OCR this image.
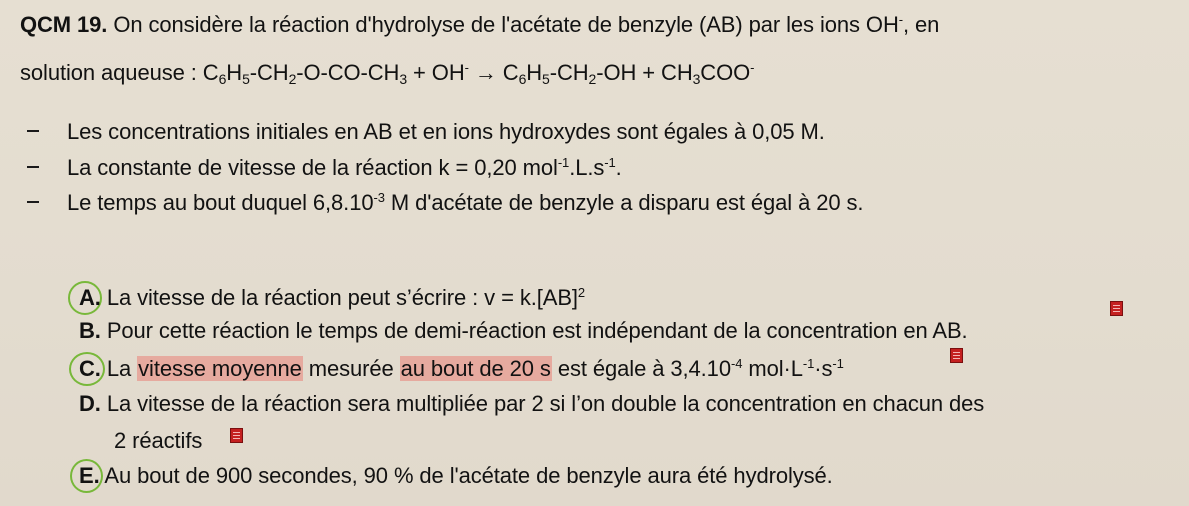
QCM 19. On considère la réaction d'hydrolyse de l'acétate de benzyle (AB) par les ions OH-, en
solution aqueuse : $C_6H_5-CH_2-O-CO-CH_3 + OH^- \to C_6H_5-CH_2-OH + CH_3COO^-$
Les concentrations initiales en AB et en ions hydroxydes sont égales à 0,05 M.
La constante de vitesse de la réaction k = 0,20 $mol^{-1}.L.s^{-1}$.
Le temps au bout duquel $6,8.10^{-3}$ M d'acétate de benzyle a disparu est égal à 20 s.
A. La vitesse de la réaction peut s’écrire : v = k.[AB]$^2$
B. Pour cette réaction le temps de demi-réaction est indépendant de la concentration en AB.
C. La vitesse moyenne mesurée au bout de 20 s est égale à $3,4.10^{-4}$ $mol\cdot L^{-1}\cdot s^{-1}$
D. La vitesse de la réaction sera multipliée par 2 si l’on double la concentration en chacun des
2 réactifs
E. Au bout de 900 secondes, 90 % de l'acétate de benzyle aura été hydrolysé.
